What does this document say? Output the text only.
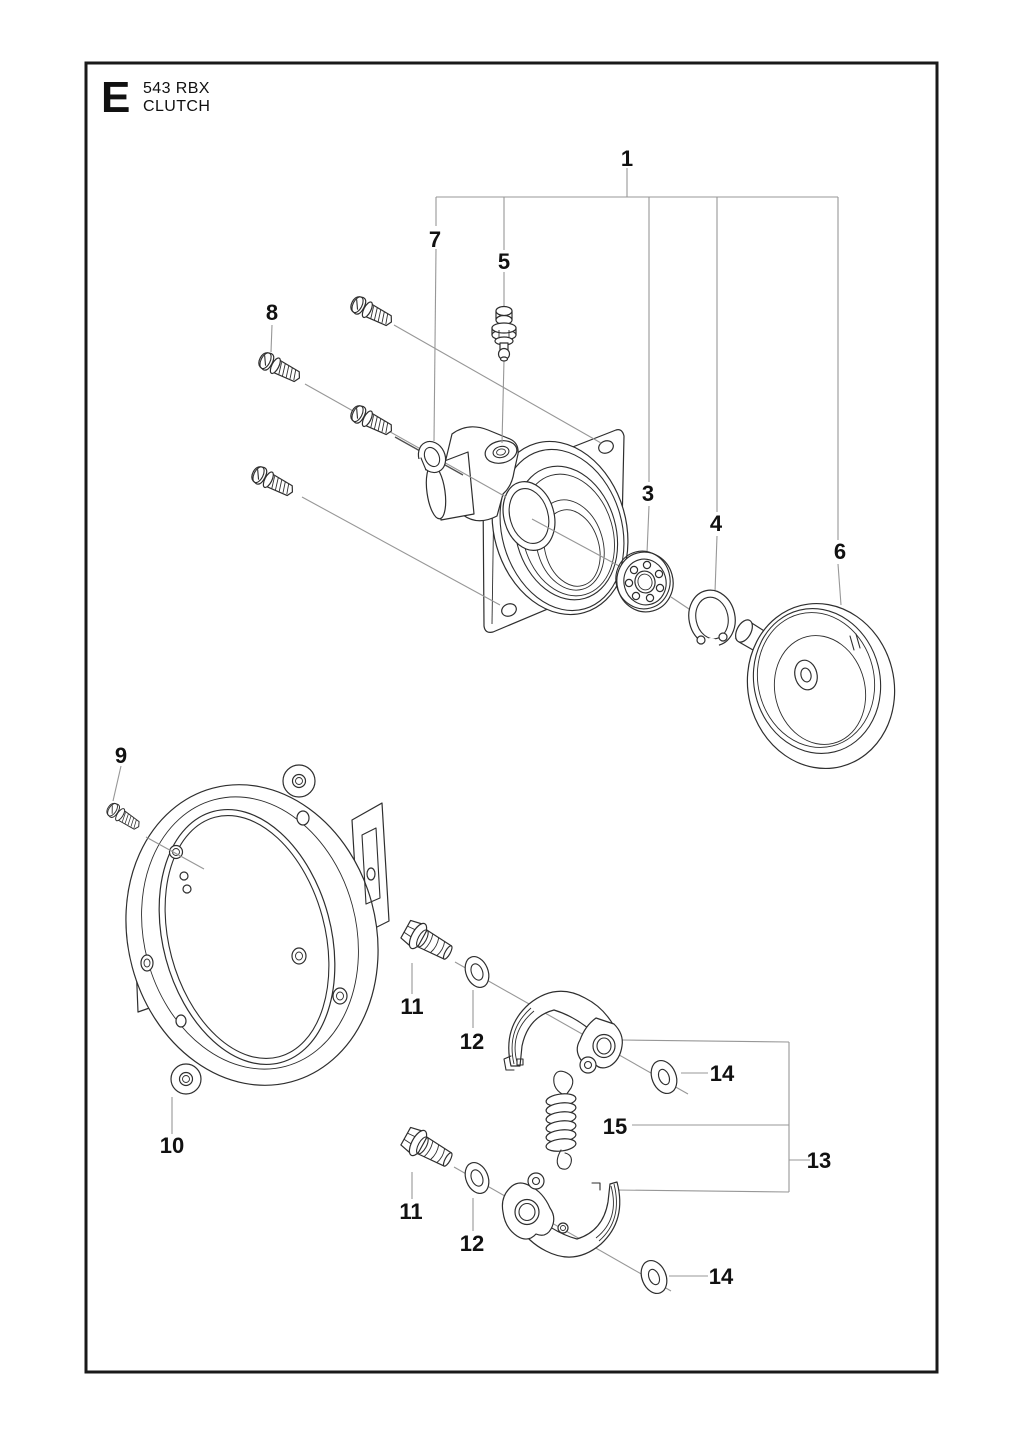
E 543 RBX
CLUTCH
1
7
5
8
3
4
6
9
10
11
12
14
15
13
11
12
14
